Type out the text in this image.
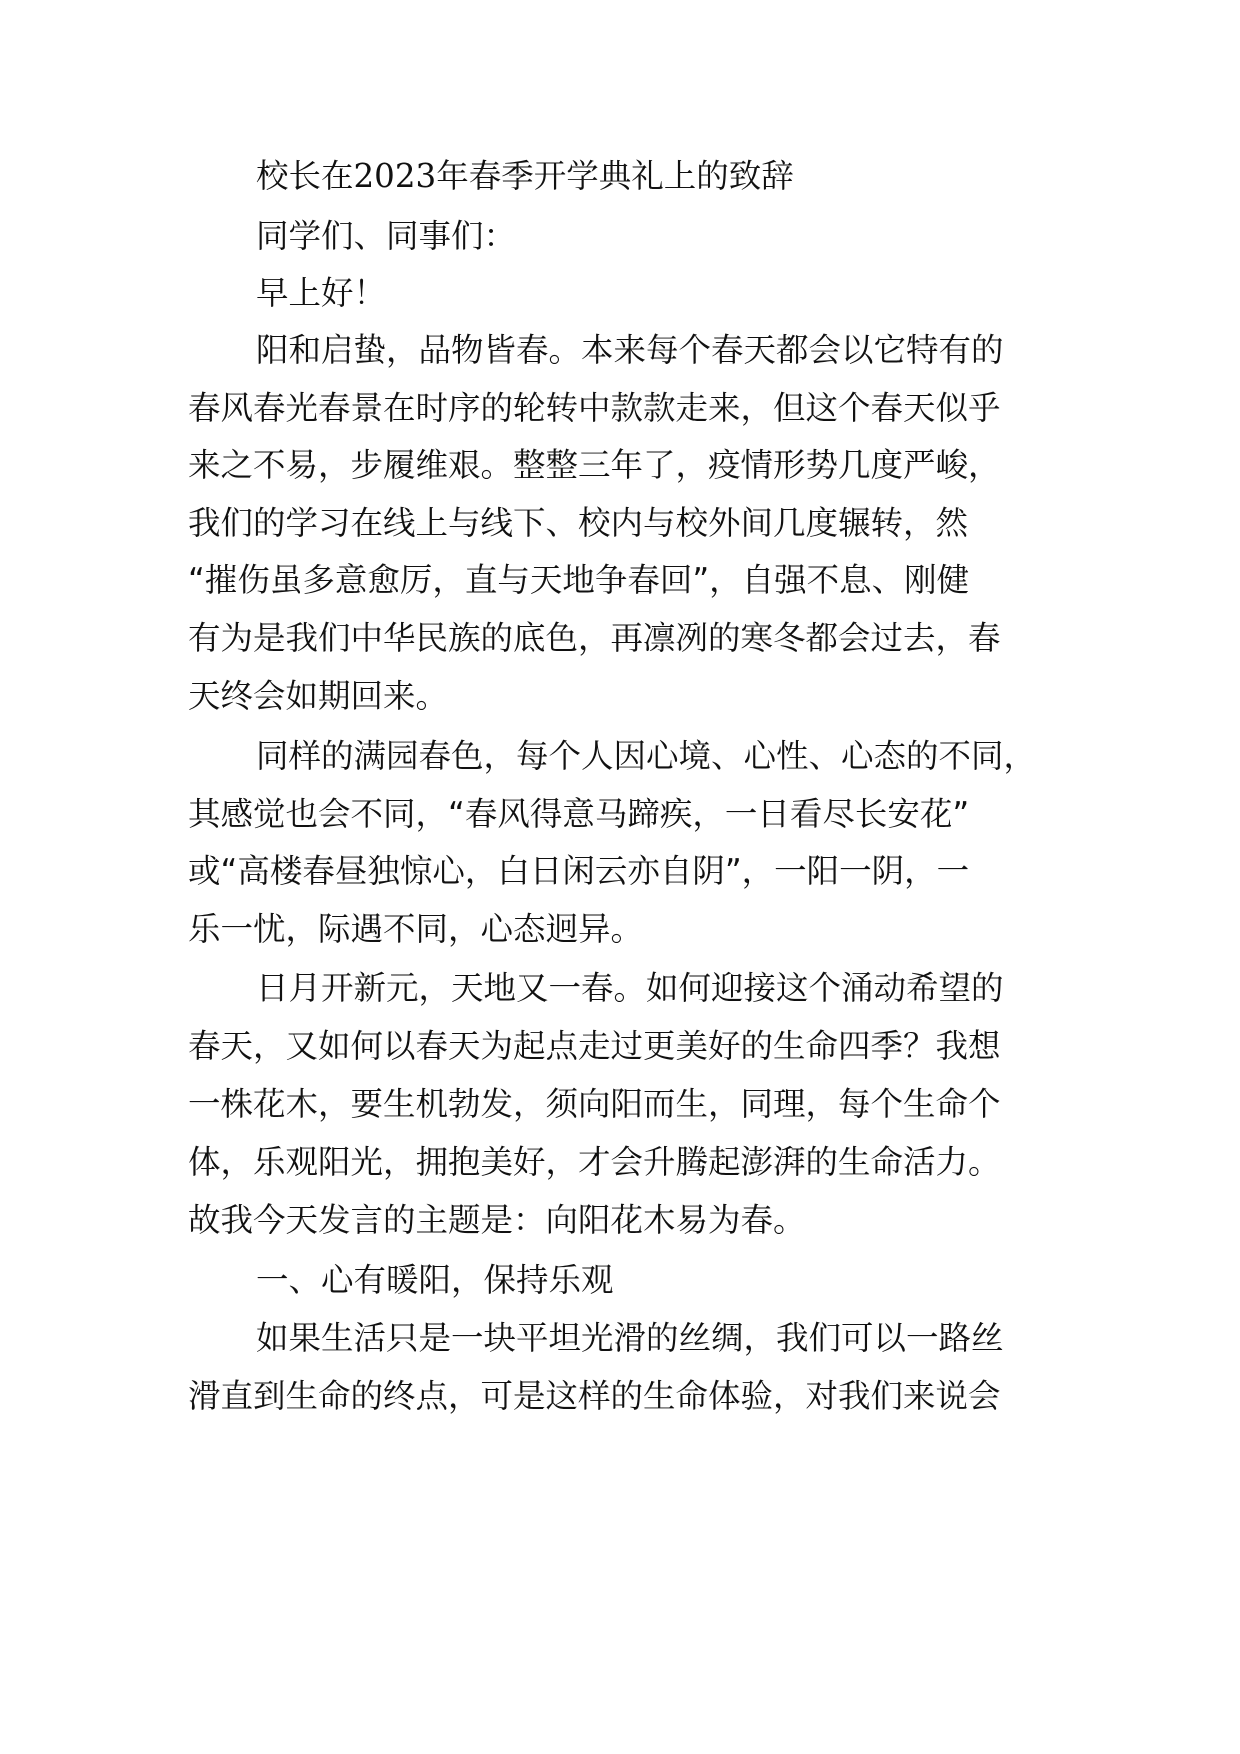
校长在2023年春季开学典礼上的致辞
同学们、同事们：
早上好！
阳和启蛰，品物皆春。本来每个春天都会以它特有的
春风春光春景在时序的轮转中款款走来，但这个春天似乎
来之不易，步履维艰。整整三年了，疫情形势几度严峻，
我们的学习在线上与线下、校内与校外间几度辗转，然
“摧伤虽多意愈厉，直与天地争春回”，自强不息、刚健
有为是我们中华民族的底色，再凛冽的寒冬都会过去，春
天终会如期回来。
同样的满园春色，每个人因心境、心性、心态的不同，
其感觉也会不同，“春风得意马蹄疾，一日看尽长安花”
或“高楼春昼独惊心，白日闲云亦自阴”，一阳一阴，一
乐一忧，际遇不同，心态迥异。
日月开新元，天地又一春。如何迎接这个涌动希望的
春天，又如何以春天为起点走过更美好的生命四季？我想
一株花木，要生机勃发，须向阳而生，同理，每个生命个
体，乐观阳光，拥抱美好，才会升腾起澎湃的生命活力。
故我今天发言的主题是：向阳花木易为春。
一、心有暖阳，保持乐观
如果生活只是一块平坦光滑的丝绸，我们可以一路丝
滑直到生命的终点，可是这样的生命体验，对我们来说会
